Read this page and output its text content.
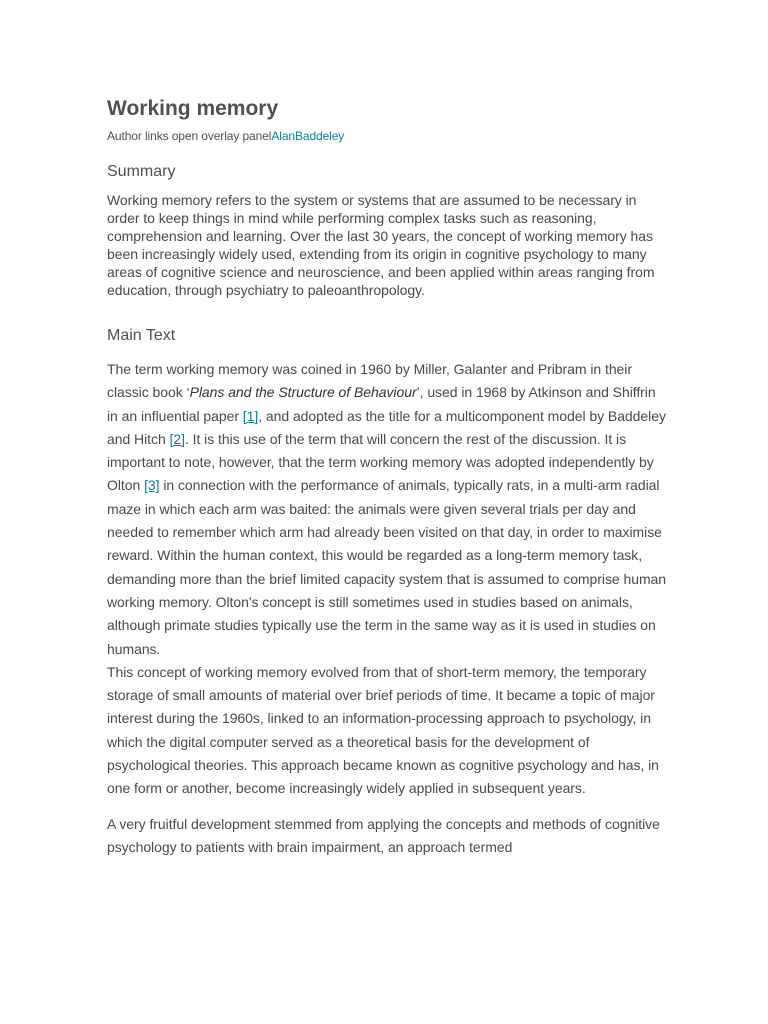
Working memory
Author links open overlay panelAlanBaddeley
Summary

Working memory refers to the system or systems that are assumed to be necessary in order to keep things in mind while performing complex tasks such as reasoning, comprehension and learning. Over the last 30 years, the concept of working memory has been increasingly widely used, extending from its origin in cognitive psychology to many areas of cognitive science and neuroscience, and been applied within areas ranging from education, through psychiatry to paleoanthropology.

Main Text

The term working memory was coined in 1960 by Miller, Galanter and Pribram in their classic book ‘Plans and the Structure of Behaviour’, used in 1968 by Atkinson and Shiffrin in an influential paper [1], and adopted as the title for a multicomponent model by Baddeley and Hitch [2]. It is this use of the term that will concern the rest of the discussion. It is important to note, however, that the term working memory was adopted independently by Olton [3] in connection with the performance of animals, typically rats, in a multi-arm radial maze in which each arm was baited: the animals were given several trials per day and needed to remember which arm had already been visited on that day, in order to maximise reward. Within the human context, this would be regarded as a long-term memory task, demanding more than the brief limited capacity system that is assumed to comprise human working memory. Olton's concept is still sometimes used in studies based on animals, although primate studies typically use the term in the same way as it is used in studies on humans.

This concept of working memory evolved from that of short-term memory, the temporary storage of small amounts of material over brief periods of time. It became a topic of major interest during the 1960s, linked to an information-processing approach to psychology, in which the digital computer served as a theoretical basis for the development of psychological theories. This approach became known as cognitive psychology and has, in one form or another, become increasingly widely applied in subsequent years.

A very fruitful development stemmed from applying the concepts and methods of cognitive psychology to patients with brain impairment, an approach termed
